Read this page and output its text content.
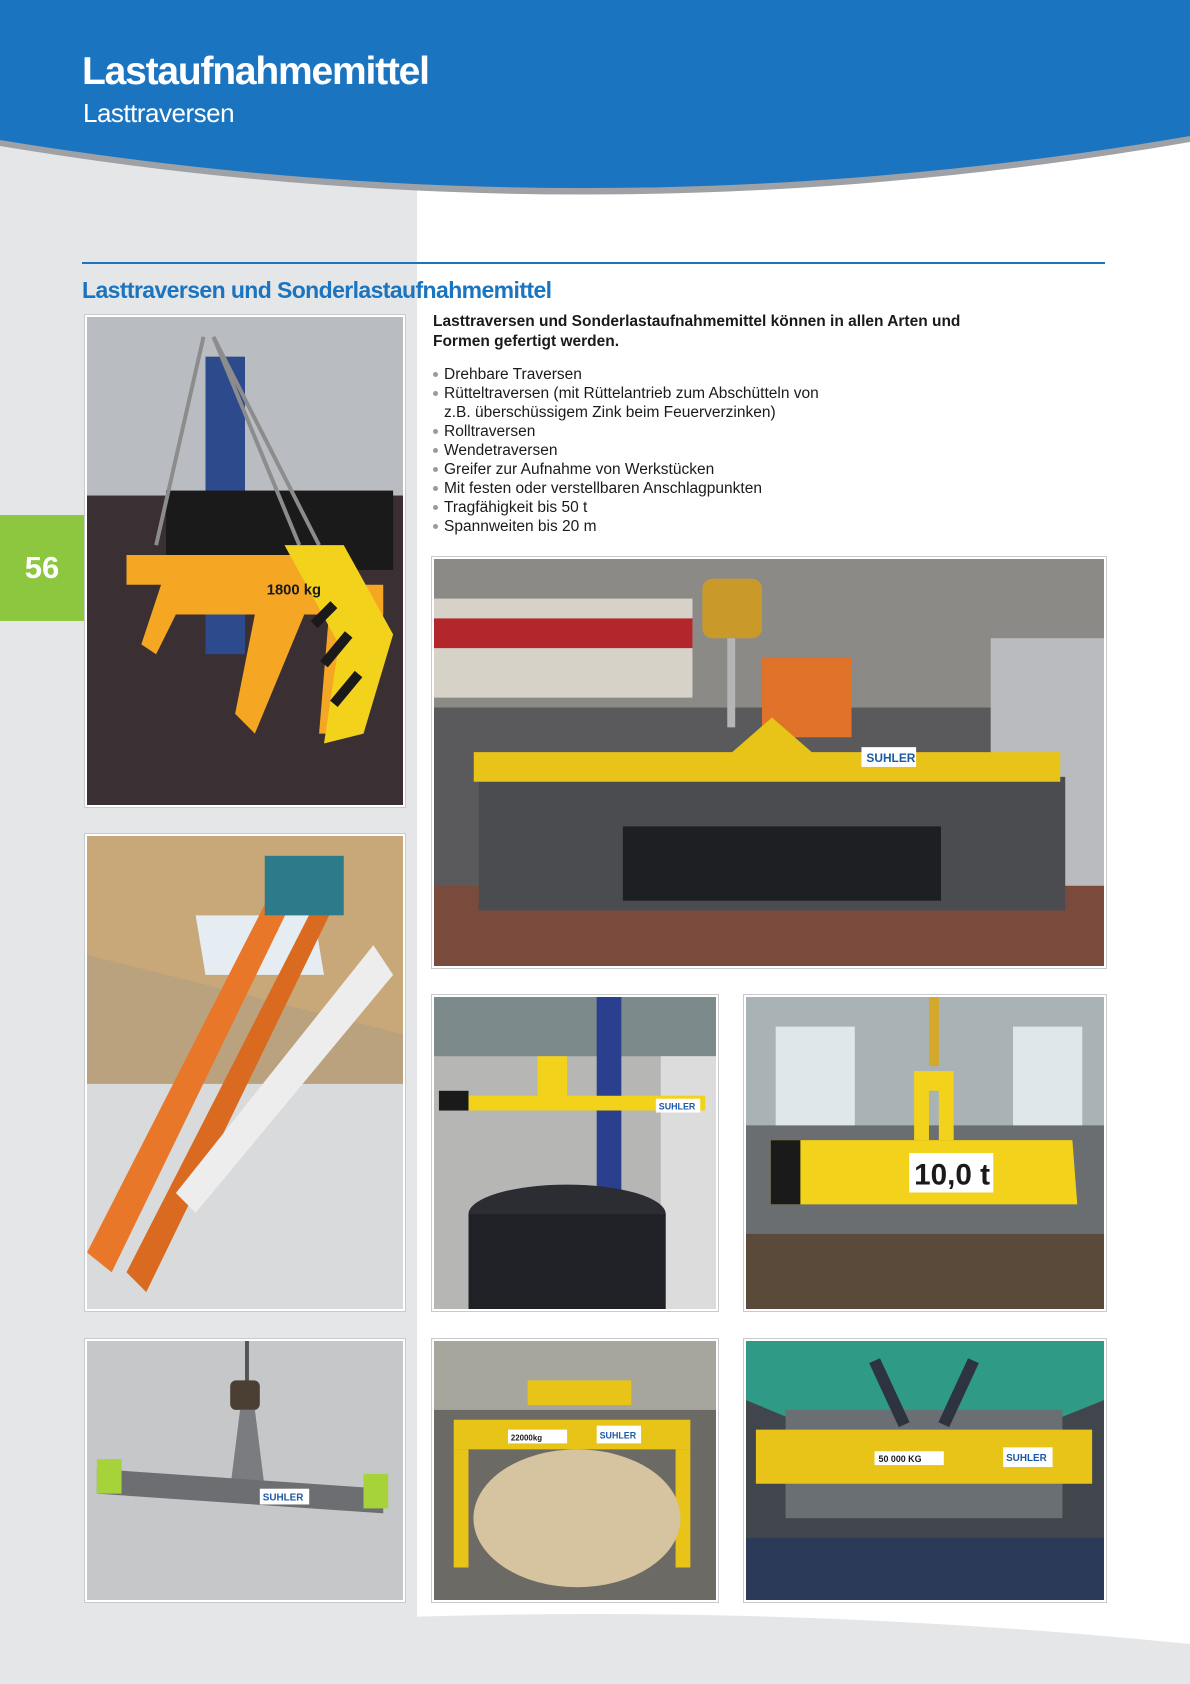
Lastaufnahmemittel
Lasttraversen
Lasttraversen und Sonderlastaufnahmemittel
56
Lasttraversen und Sonderlastaufnahmemittel können in allen Arten und Formen gefertigt werden.
Drehbare Traversen
Rütteltraversen (mit Rüttelantrieb zum Abschütteln von
z.B. überschüssigem Zink beim Feuerverzinken)
Rolltraversen
Wendetraversen
Greifer zur Aufnahme von Werkstücken
Mit festen oder verstellbaren Anschlagpunkten
Tragfähigkeit bis 50 t
Spannweiten bis 20 m
1800 kg
SUHLER
SUHLER
10,0 t
SUHLER
22000kg	SUHLER
50 000 KG	SUHLER
